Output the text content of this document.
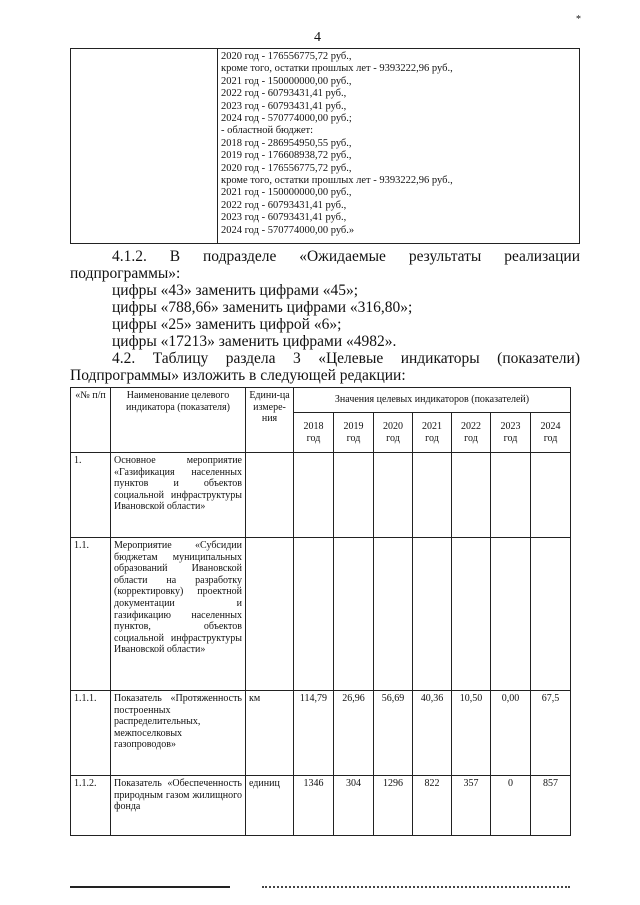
4
*

2020 год - 176556775,72 руб.,
кроме того, остатки прошлых лет - 9393222,96 руб.,
2021 год - 150000000,00 руб.,
2022 год - 60793431,41 руб.,
2023 год - 60793431,41 руб.,
2024 год - 570774000,00 руб.;
- областной бюджет:
2018 год - 286954950,55 руб.,
2019 год - 176608938,72 руб.,
2020 год - 176556775,72 руб.,
кроме того, остатки прошлых лет - 9393222,96 руб.,
2021 год - 150000000,00 руб.,
2022 год - 60793431,41 руб.,
2023 год - 60793431,41 руб.,
2024 год - 570774000,00 руб.»
4.1.2. В подразделе «Ожидаемые результаты реализации
подпрограммы»:
цифры «43» заменить цифрами «45»;
цифры «788,66» заменить цифрами «316,80»;
цифры «25» заменить цифрой «6»;
цифры «17213» заменить цифрами «4982».
4.2. Таблицу раздела 3 «Целевые индикаторы (показатели)
Подпрограммы» изложить в следующей редакции:
«№ п/п	Наименование целевого индикатора (показателя)	Едини-ца измере-ния	Значения целевых индикаторов (показателей)						
			2018 год	2019 год	2020 год	2021 год	2022 год	2023 год	2024 год
1.	Основное мероприятие «Газификация населенных пунктов и объектов социальной инфраструктуры Ивановской области»								
1.1.	Мероприятие «Субсидии бюджетам муниципальных образований Ивановской области на разработку (корректировку) проектной документации и газификацию населенных пунктов, объектов социальной инфраструктуры Ивановской области»								
1.1.1.	Показатель «Протяженность построенных распределительных, межпоселковых газопроводов»	км	114,79	26,96	56,69	40,36	10,50	0,00	67,5
1.1.2.	Показатель «Обеспеченность природным газом жилищного фонда	единиц	1346	304	1296	822	357	0	857
